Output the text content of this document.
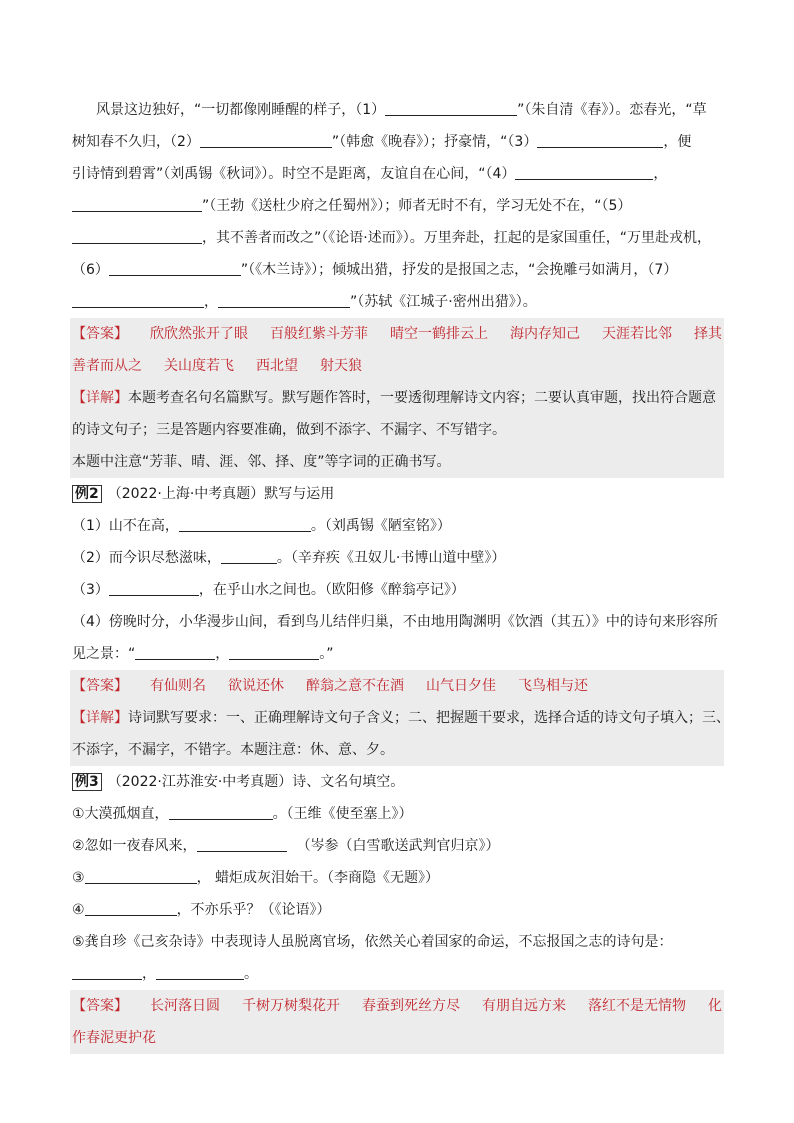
风景这边独好，“一切都像刚睡醒的样子，（1）	”（朱自清《春》）。恋春光，“草
树知春不久归，（2）	”（韩愈《晚春》）；抒豪情，“（3）	，便
引诗情到碧霄”（刘禹锡《秋词》）。时空不是距离，友谊自在心间，“（4）	，
”（王勃《送杜少府之任蜀州》）；师者无时不有，学习无处不在，“（5）
，其不善者而改之”（《论语·述而》）。万里奔赴，扛起的是家国重任，“万里赴戎机，
（6）	”（《木兰诗》）；倾城出猎，抒发的是报国之志，“会挽雕弓如满月，（7）
，	”（苏轼《江城子·密州出猎》）。
【答案】 欣欣然张开了眼 百般红紫斗芳菲 晴空一鹤排云上 海内存知己 天涯若比邻 择其
善者而从之 关山度若飞 西北望 射天狼
【详解】本题考查名句名篇默写。默写题作答时，一要透彻理解诗文内容；二要认真审题，找出符合题意
的诗文句子；三是答题内容要准确，做到不添字、不漏字、不写错字。
本题中注意“芳菲、晴、涯、邻、择、度”等字词的正确书写。
例2 （2022·上海·中考真题）默写与运用
（1）山不在高，	。（刘禹锡《陋室铭》）
（2）而今识尽愁滋味，	。（辛弃疾《丑奴儿·书博山道中壁》）
（3）	，在乎山水之间也。（欧阳修《醉翁亭记》）
（4）傍晚时分，小华漫步山间，看到鸟儿结伴归巢，不由地用陶渊明《饮酒（其五）》中的诗句来形容所
见之景：“	，	。”
【答案】 有仙则名 欲说还休 醉翁之意不在酒 山气日夕佳 飞鸟相与还
【详解】诗词默写要求：一、正确理解诗文句子含义；二、把握题干要求，选择合适的诗文句子填入；三、
不添字，不漏字，不错字。本题注意：休、意、夕。
例3 （2022·江苏淮安·中考真题）诗、文名句填空。
①大漠孤烟直，	。（王维《使至塞上》）
②忽如一夜春风来，	（岑参（白雪歌送武判官归京》）
③	， 蜡炬成灰泪始干。（李商隐《无题》）
④	，不亦乐乎？（《论语》）
⑤龚自珍《己亥杂诗》中表现诗人虽脱离官场，依然关心着国家的命运，不忘报国之志的诗句是：
，	。
【答案】 长河落日圆 千树万树梨花开 春蚕到死丝方尽 有朋自远方来 落红不是无情物 化
作春泥更护花
